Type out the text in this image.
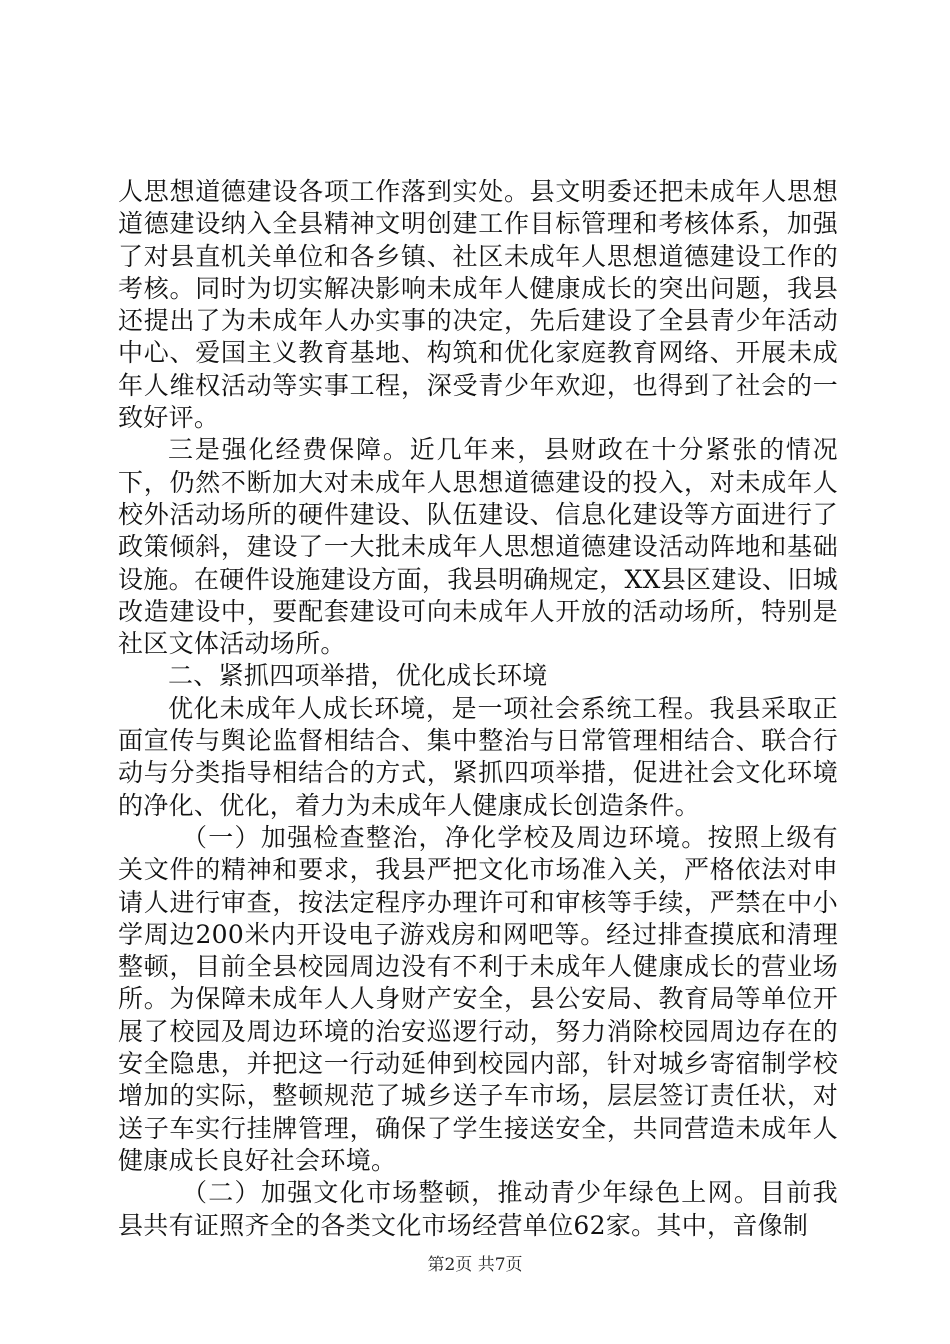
人思想道德建设各项工作落到实处。县文明委还把未成年人思想道德建设纳入全县精神文明创建工作目标管理和考核体系，加强了对县直机关单位和各乡镇、社区未成年人思想道德建设工作的考核。同时为切实解决影响未成年人健康成长的突出问题，我县还提出了为未成年人办实事的决定，先后建设了全县青少年活动中心、爱国主义教育基地、构筑和优化家庭教育网络、开展未成年人维权活动等实事工程，深受青少年欢迎，也得到了社会的一致好评。

三是强化经费保障。近几年来，县财政在十分紧张的情况下，仍然不断加大对未成年人思想道德建设的投入，对未成年人校外活动场所的硬件建设、队伍建设、信息化建设等方面进行了政策倾斜，建设了一大批未成年人思想道德建设活动阵地和基础设施。在硬件设施建设方面，我县明确规定，XX县区建设、旧城改造建设中，要配套建设可向未成年人开放的活动场所，特别是社区文体活动场所。

二、紧抓四项举措，优化成长环境

优化未成年人成长环境，是一项社会系统工程。我县采取正面宣传与舆论监督相结合、集中整治与日常管理相结合、联合行动与分类指导相结合的方式，紧抓四项举措，促进社会文化环境的净化、优化，着力为未成年人健康成长创造条件。

（一）加强检查整治，净化学校及周边环境。按照上级有关文件的精神和要求，我县严把文化市场准入关，严格依法对申请人进行审查，按法定程序办理许可和审核等手续，严禁在中小学周边200米内开设电子游戏房和网吧等。经过排查摸底和清理整顿，目前全县校园周边没有不利于未成年人健康成长的营业场所。为保障未成年人人身财产安全，县公安局、教育局等单位开展了校园及周边环境的治安巡逻行动，努力消除校园周边存在的安全隐患，并把这一行动延伸到校园内部，针对城乡寄宿制学校增加的实际，整顿规范了城乡送子车市场，层层签订责任状，对送子车实行挂牌管理，确保了学生接送安全，共同营造未成年人健康成长良好社会环境。

（二）加强文化市场整顿，推动青少年绿色上网。目前我县共有证照齐全的各类文化市场经营单位62家。其中，音像制

第2页 共7页
